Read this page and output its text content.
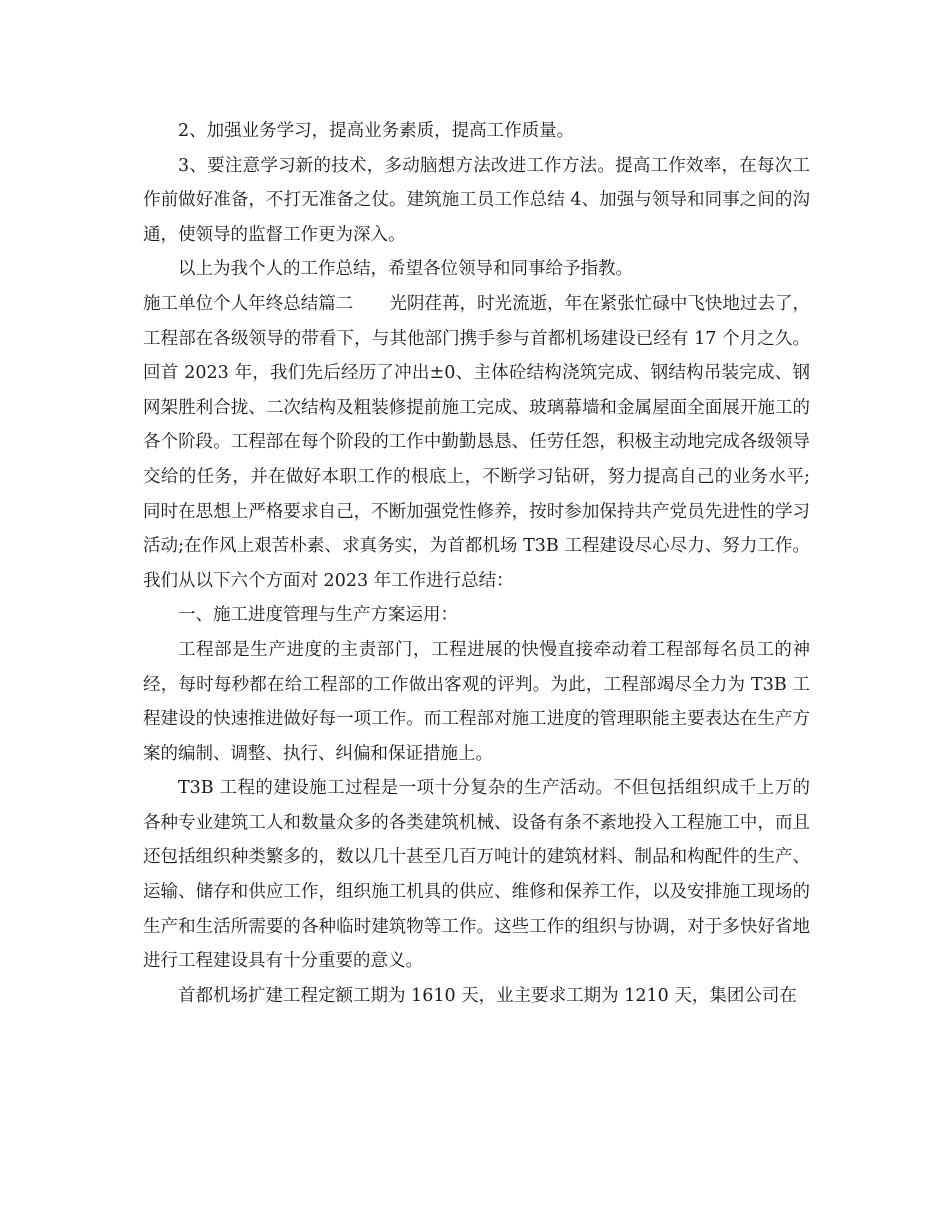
2、加强业务学习，提高业务素质，提高工作质量。

3、要注意学习新的技术，多动脑想方法改进工作方法。提高工作效率，在每次工作前做好准备，不打无准备之仗。建筑施工员工作总结 4、加强与领导和同事之间的沟通，使领导的监督工作更为深入。

以上为我个人的工作总结，希望各位领导和同事给予指教。

施工单位个人年终总结篇二 光阴荏苒，时光流逝，年在紧张忙碌中飞快地过去了，工程部在各级领导的带看下，与其他部门携手参与首都机场建设已经有 17 个月之久。回首 2023 年，我们先后经历了冲出±0、主体砼结构浇筑完成、钢结构吊装完成、钢网架胜利合拢、二次结构及粗装修提前施工完成、玻璃幕墙和金属屋面全面展开施工的各个阶段。工程部在每个阶段的工作中勤勤恳恳、任劳任怨，积极主动地完成各级领导交给的任务，并在做好本职工作的根底上，不断学习钻研，努力提高自己的业务水平;同时在思想上严格要求自己，不断加强党性修养，按时参加保持共产党员先进性的学习活动;在作风上艰苦朴素、求真务实，为首都机场 T3B 工程建设尽心尽力、努力工作。我们从以下六个方面对 2023 年工作进行总结：

一、施工进度管理与生产方案运用：

工程部是生产进度的主责部门，工程进展的快慢直接牵动着工程部每名员工的神经，每时每秒都在给工程部的工作做出客观的评判。为此，工程部竭尽全力为 T3B 工程建设的快速推进做好每一项工作。而工程部对施工进度的管理职能主要表达在生产方案的编制、调整、执行、纠偏和保证措施上。

T3B 工程的建设施工过程是一项十分复杂的生产活动。不但包括组织成千上万的各种专业建筑工人和数量众多的各类建筑机械、设备有条不紊地投入工程施工中，而且还包括组织种类繁多的，数以几十甚至几百万吨计的建筑材料、制品和构配件的生产、运输、储存和供应工作，组织施工机具的供应、维修和保养工作，以及安排施工现场的生产和生活所需要的各种临时建筑物等工作。这些工作的组织与协调，对于多快好省地进行工程建设具有十分重要的意义。

首都机场扩建工程定额工期为 1610 天，业主要求工期为 1210 天，集团公司在
